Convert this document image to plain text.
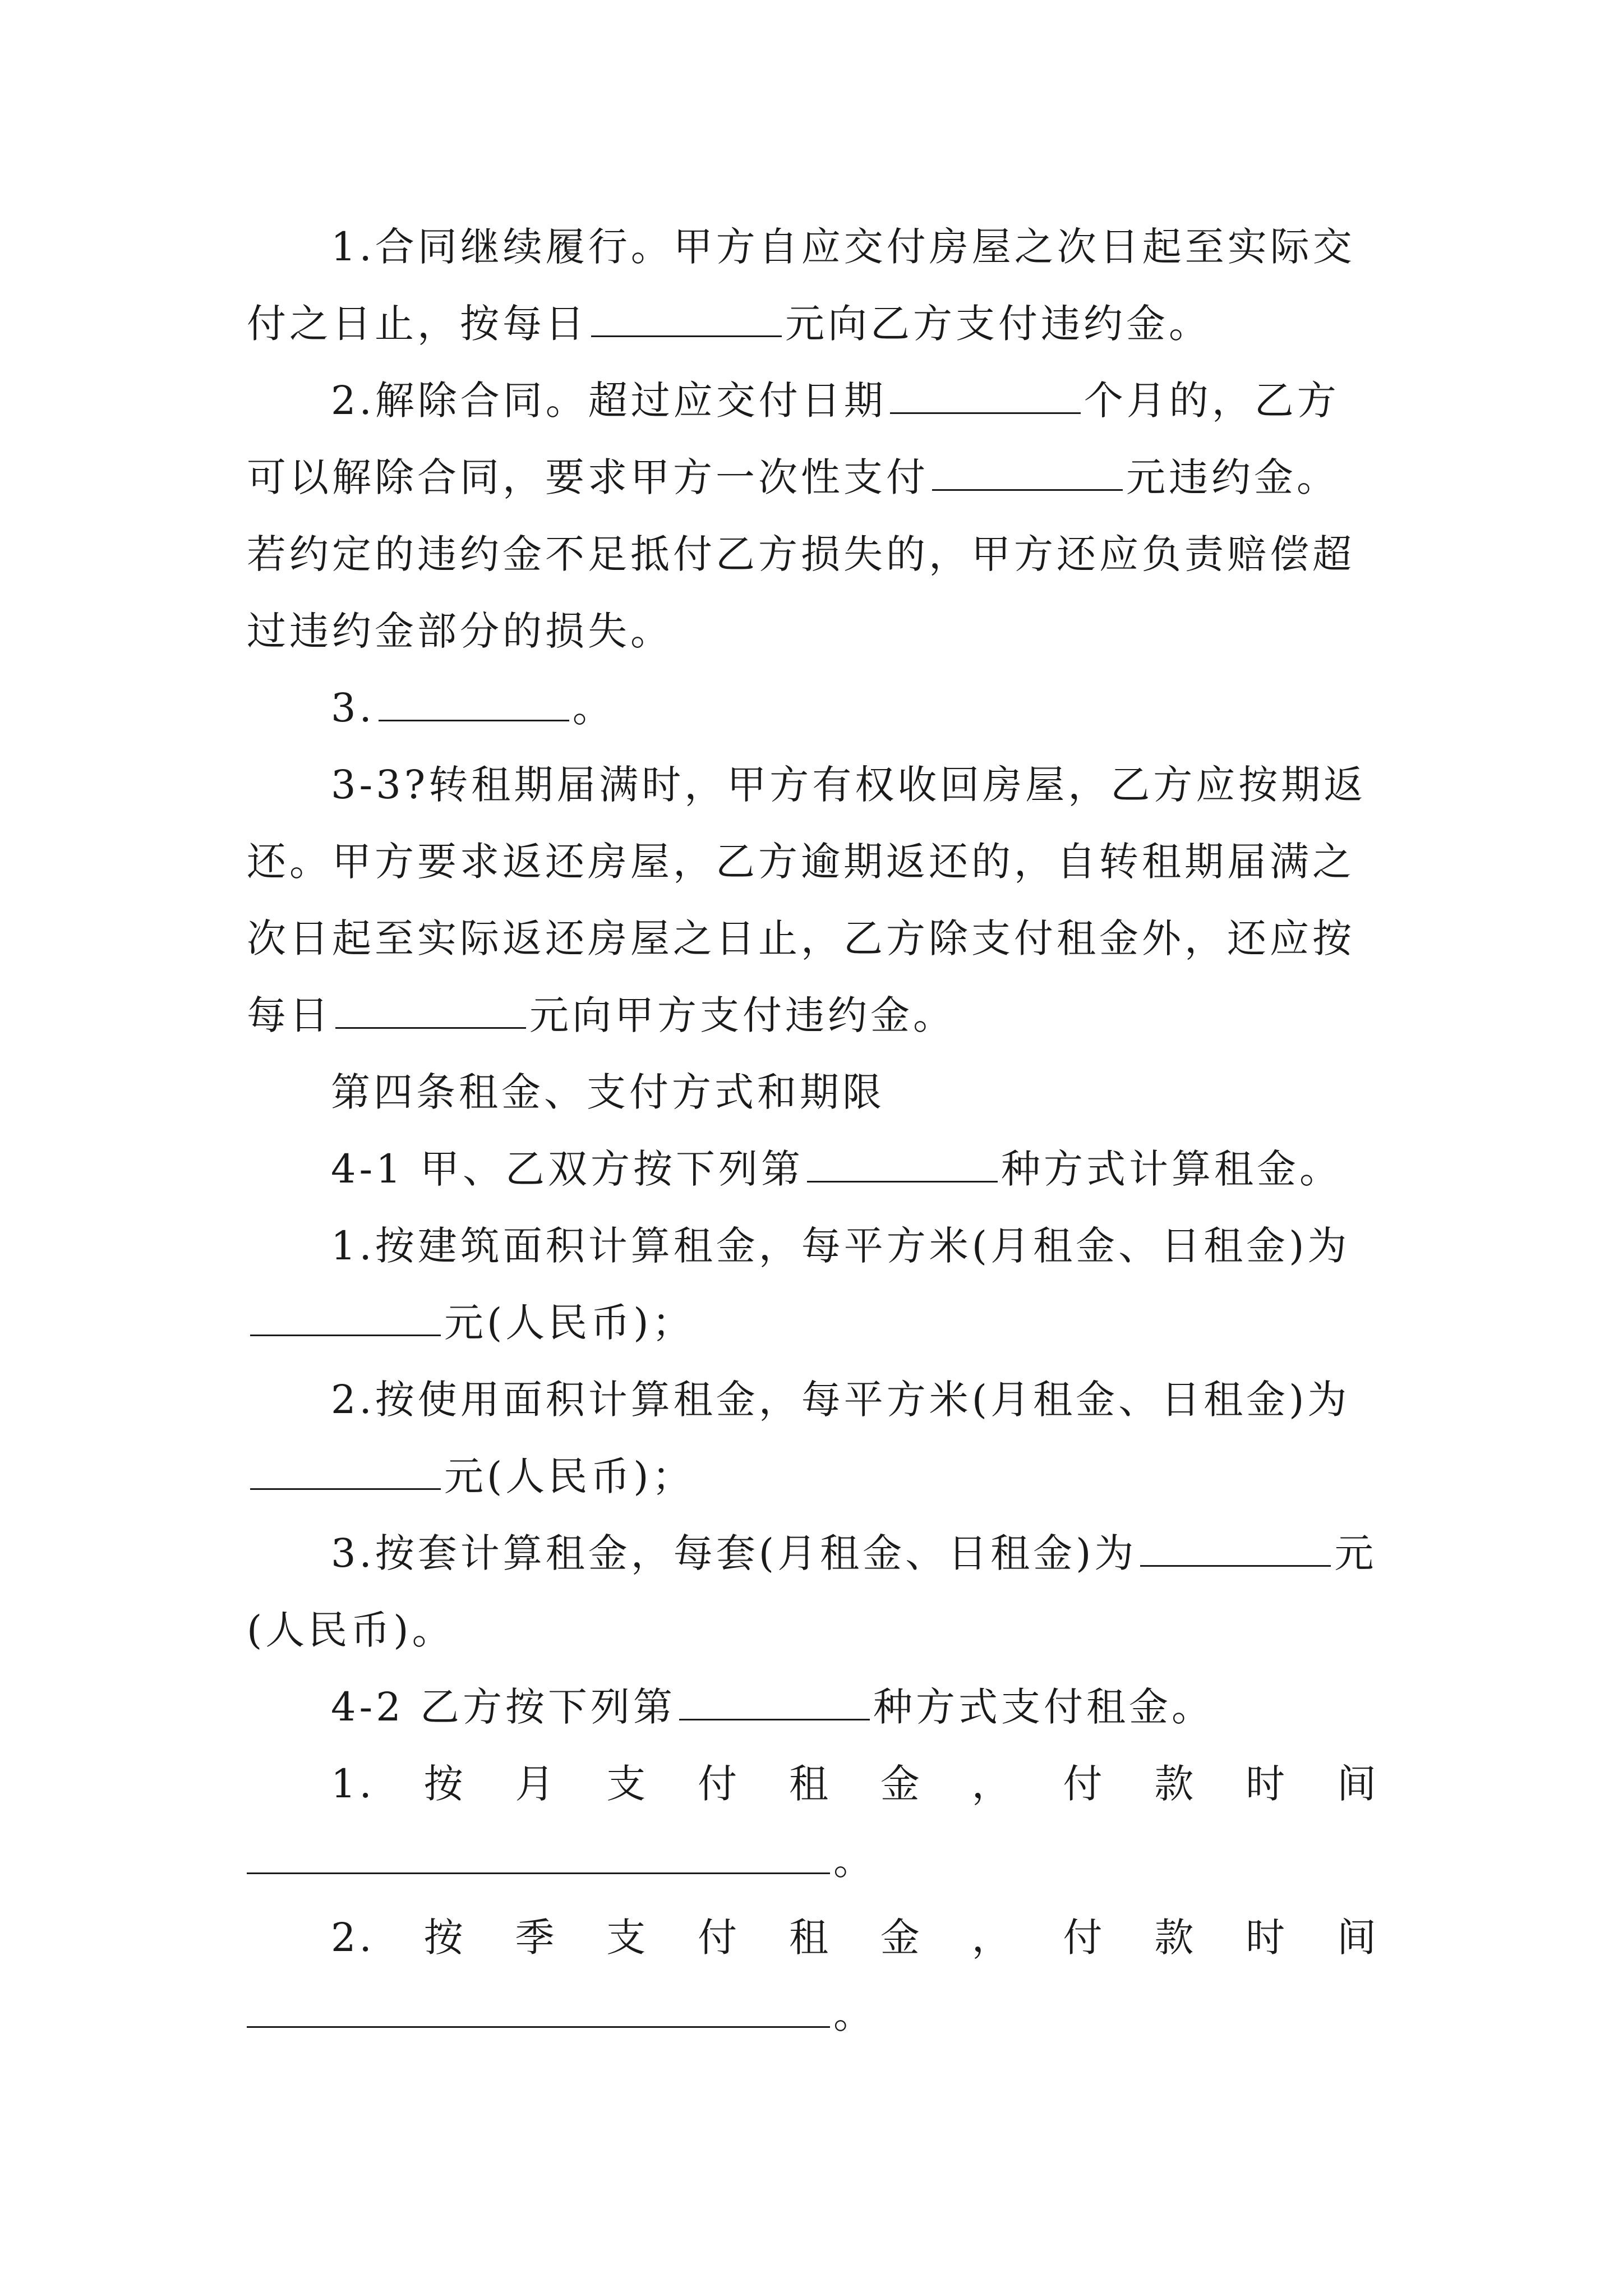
1.合同继续履行。甲方自应交付房屋之次日起至实际交付之日止，按每日	元向乙方支付违约金。

2.解除合同。超过应交付日期	个月的，乙方可以解除合同，要求甲方一次性支付	元违约金。若约定的违约金不足抵付乙方损失的，甲方还应负责赔偿超过违约金部分的损失。

3.	。

3-3?转租期届满时，甲方有权收回房屋，乙方应按期返还。甲方要求返还房屋，乙方逾期返还的，自转租期届满之次日起至实际返还房屋之日止，乙方除支付租金外，还应按每日	元向甲方支付违约金。

第四条租金、支付方式和期限

4-1 甲、乙双方按下列第	种方式计算租金。

1.按建筑面积计算租金，每平方米(月租金、日租金)为元(人民币)；

2.按使用面积计算租金，每平方米(月租金、日租金)为元(人民币)；

3.按套计算租金，每套(月租金、日租金)为	元(人民币)。

4-2 乙方按下列第	种方式支付租金。

1.按月支付租金，付款时间

。

2.按季支付租金，付款时间

。
